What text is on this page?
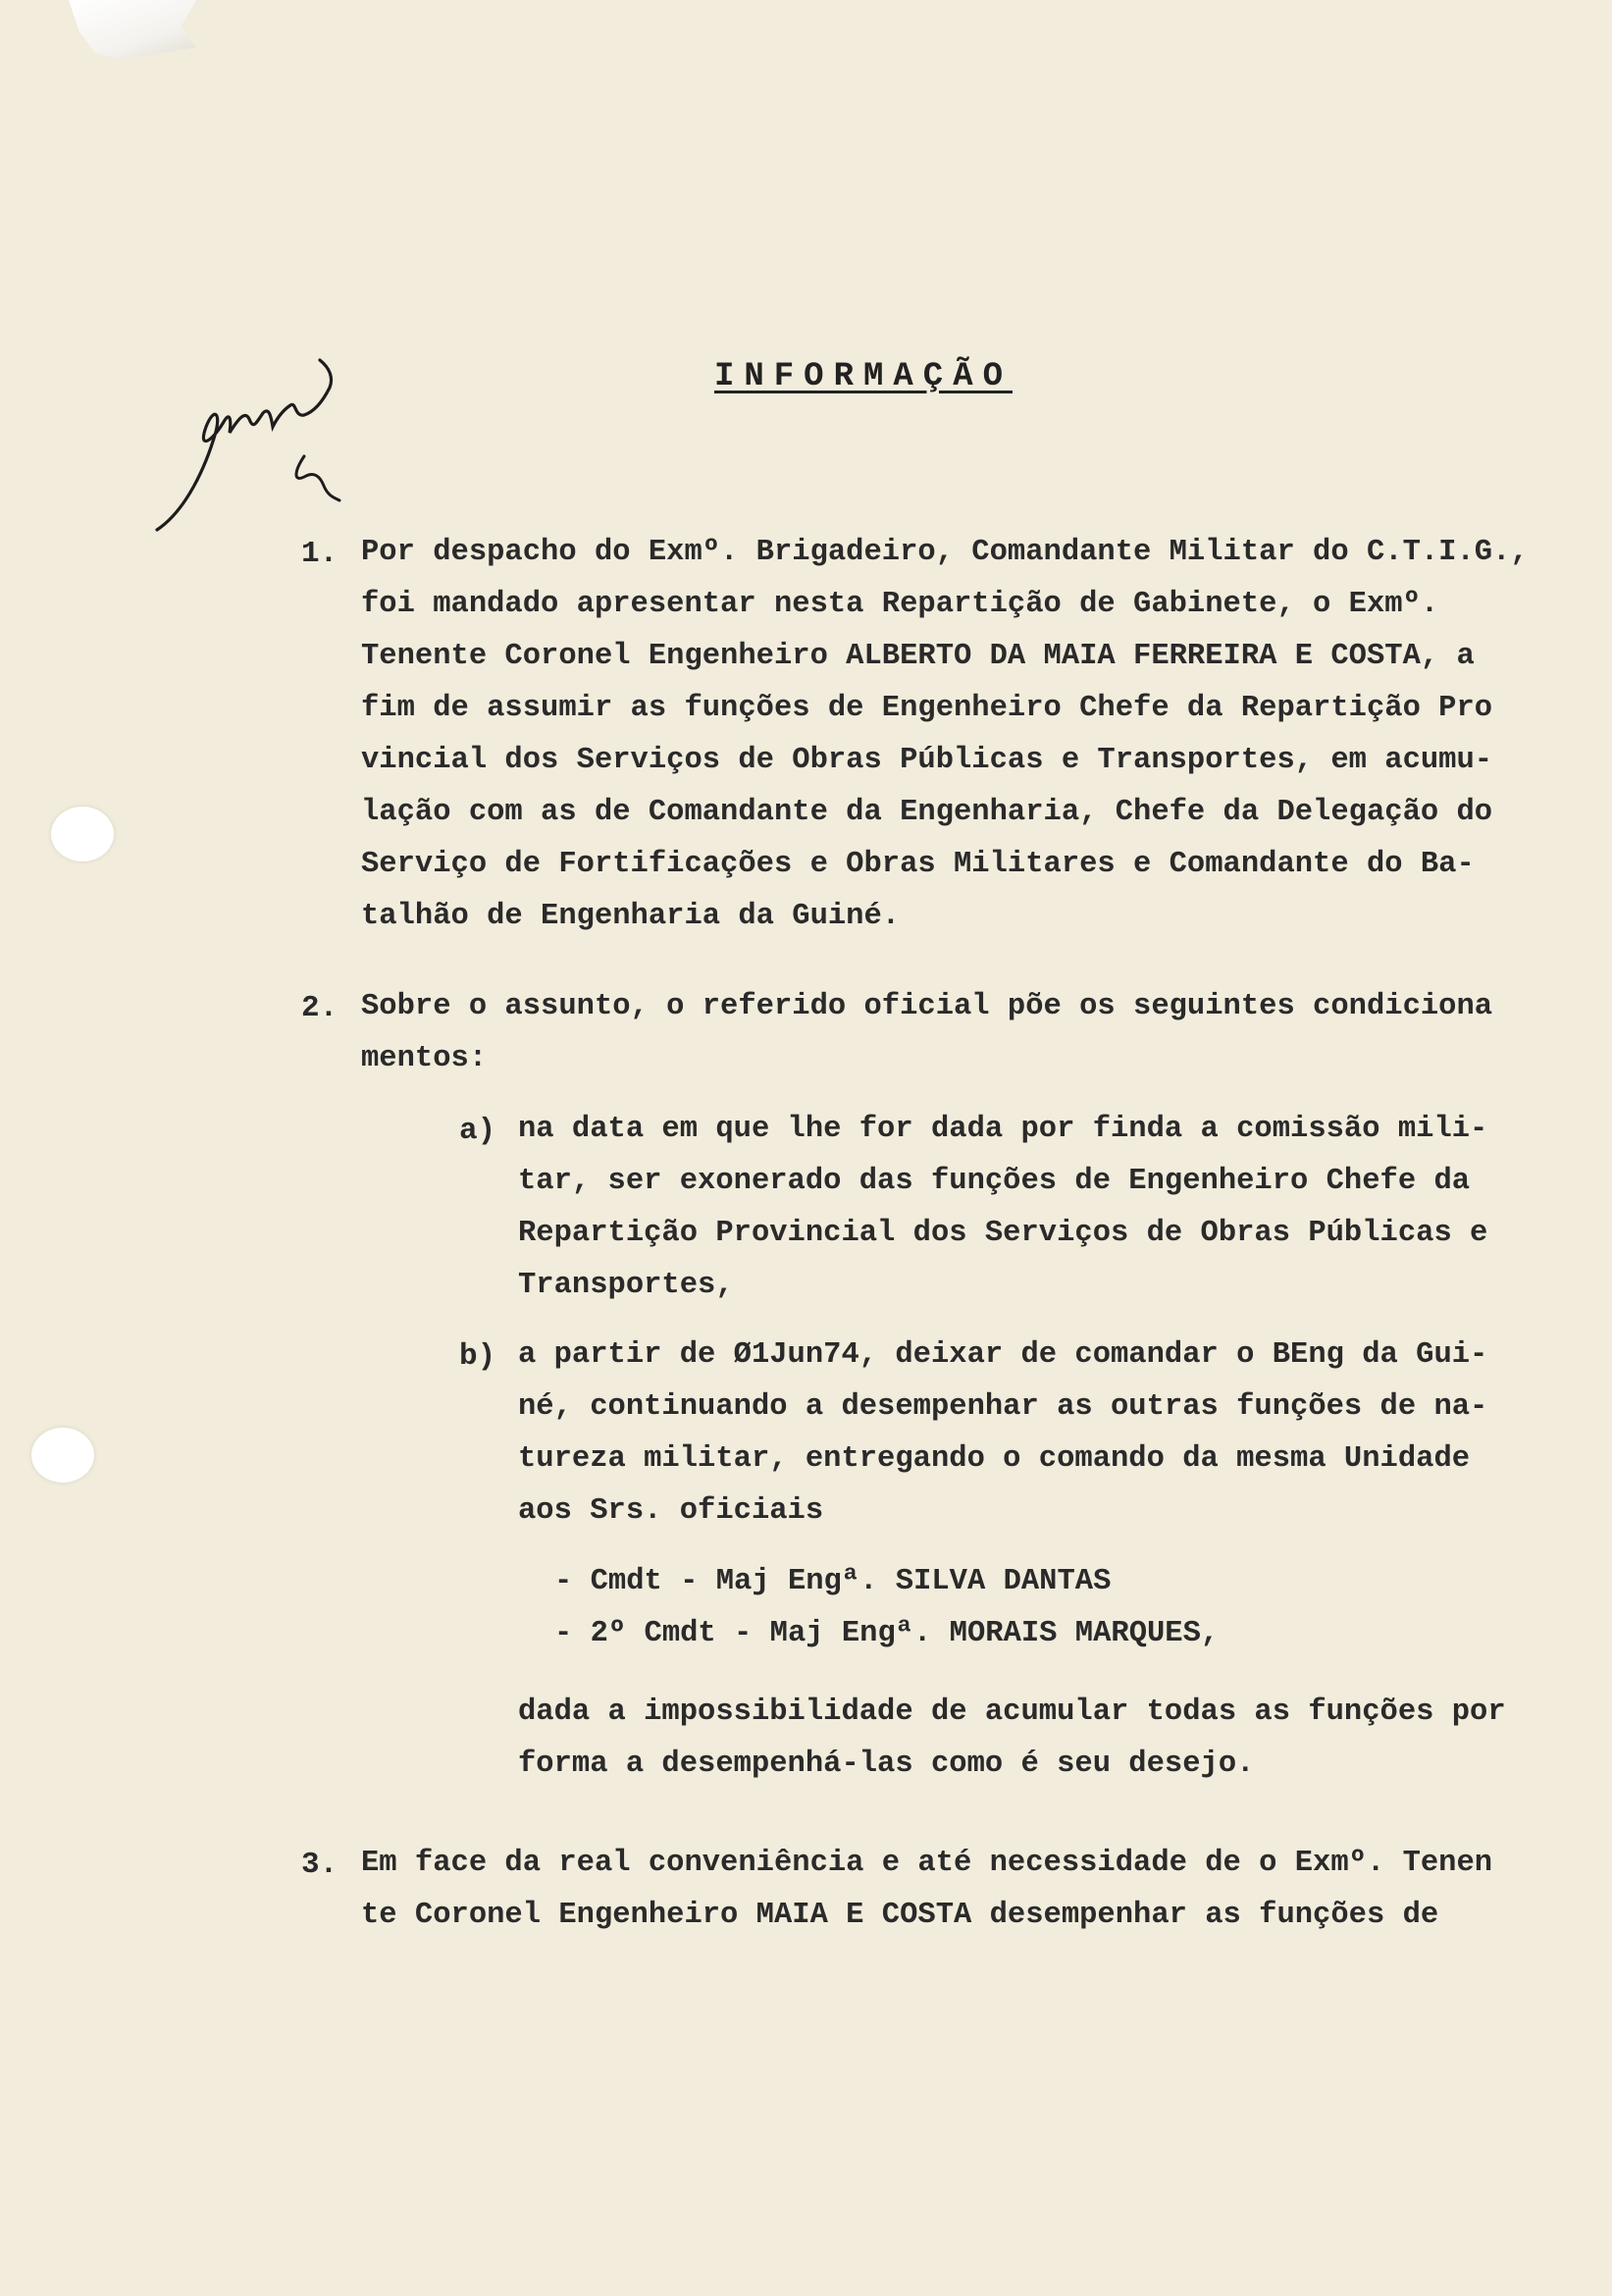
INFORMAÇÃO
1. Por despacho do Exmº. Brigadeiro, Comandante Militar do C.T.I.G.,
foi mandado apresentar nesta Repartição de Gabinete, o Exmº.
Tenente Coronel Engenheiro ALBERTO DA MAIA FERREIRA E COSTA, a
fim de assumir as funções de Engenheiro Chefe da Repartição Pro
vincial dos Serviços de Obras Públicas e Transportes, em acumu-
lação com as de Comandante da Engenharia, Chefe da Delegação do
Serviço de Fortificações e Obras Militares e Comandante do Ba-
talhão de Engenharia da Guiné.
2. Sobre o assunto, o referido oficial põe os seguintes condiciona
mentos:
a) na data em que lhe for dada por finda a comissão mili-
tar, ser exonerado das funções de Engenheiro Chefe da
Repartição Provincial dos Serviços de Obras Públicas e
Transportes,
b) a partir de Ø1Jun74, deixar de comandar o BEng da Gui-
né, continuando a desempenhar as outras funções de na-
tureza militar, entregando o comando da mesma Unidade
aos Srs. oficiais
- Cmdt - Maj Engª. SILVA DANTAS
- 2º Cmdt - Maj Engª. MORAIS MARQUES,
dada a impossibilidade de acumular todas as funções por
forma a desempenhá-las como é seu desejo.
3. Em face da real conveniência e até necessidade de o Exmº. Tenen
te Coronel Engenheiro MAIA E COSTA desempenhar as funções de
